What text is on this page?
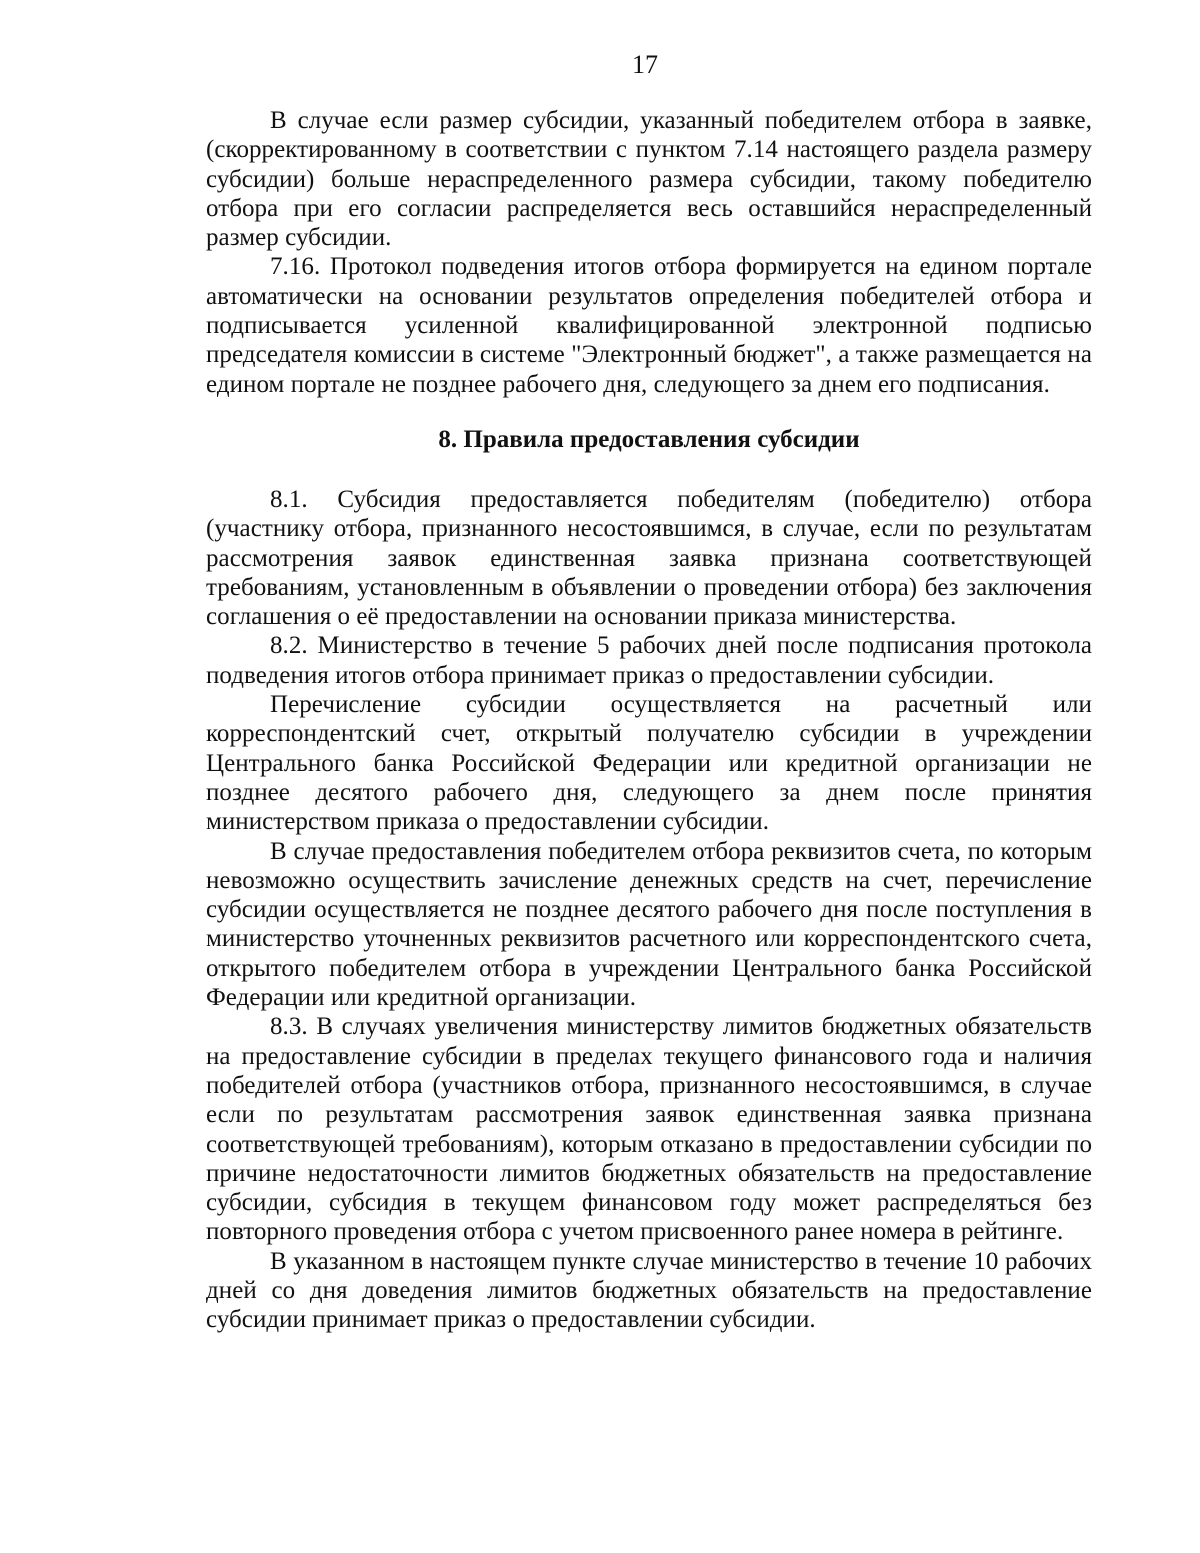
17

В случае если размер субсидии, указанный победителем отбора в заявке, (скорректированному в соответствии с пунктом 7.14 настоящего раздела размеру субсидии) больше нераспределенного размера субсидии, такому победителю отбора при его согласии распределяется весь оставшийся нераспределенный размер субсидии.

7.16. Протокол подведения итогов отбора формируется на едином портале автоматически на основании результатов определения победителей отбора и подписывается усиленной квалифицированной электронной подписью председателя комиссии в системе "Электронный бюджет", а также размещается на едином портале не позднее рабочего дня, следующего за днем его подписания.

8. Правила предоставления субсидии

8.1. Субсидия предоставляется победителям (победителю) отбора (участнику отбора, признанного несостоявшимся, в случае, если по результатам рассмотрения заявок единственная заявка признана соответствующей требованиям, установленным в объявлении о проведении отбора) без заключения соглашения о её предоставлении на основании приказа министерства.

8.2. Министерство в течение 5 рабочих дней после подписания протокола подведения итогов отбора принимает приказ о предоставлении субсидии.

Перечисление субсидии осуществляется на расчетный или корреспондентский счет, открытый получателю субсидии в учреждении Центрального банка Российской Федерации или кредитной организации не позднее десятого рабочего дня, следующего за днем после принятия министерством приказа о предоставлении субсидии.

В случае предоставления победителем отбора реквизитов счета, по которым невозможно осуществить зачисление денежных средств на счет, перечисление субсидии осуществляется не позднее десятого рабочего дня после поступления в министерство уточненных реквизитов расчетного или корреспондентского счета, открытого победителем отбора в учреждении Центрального банка Российской Федерации или кредитной организации.

8.3. В случаях увеличения министерству лимитов бюджетных обязательств на предоставление субсидии в пределах текущего финансового года и наличия победителей отбора (участников отбора, признанного несостоявшимся, в случае если по результатам рассмотрения заявок единственная заявка признана соответствующей требованиям), которым отказано в предоставлении субсидии по причине недостаточности лимитов бюджетных обязательств на предоставление субсидии, субсидия в текущем финансовом году может распределяться без повторного проведения отбора с учетом присвоенного ранее номера в рейтинге.

В указанном в настоящем пункте случае министерство в течение 10 рабочих дней со дня доведения лимитов бюджетных обязательств на предоставление субсидии принимает приказ о предоставлении субсидии.
